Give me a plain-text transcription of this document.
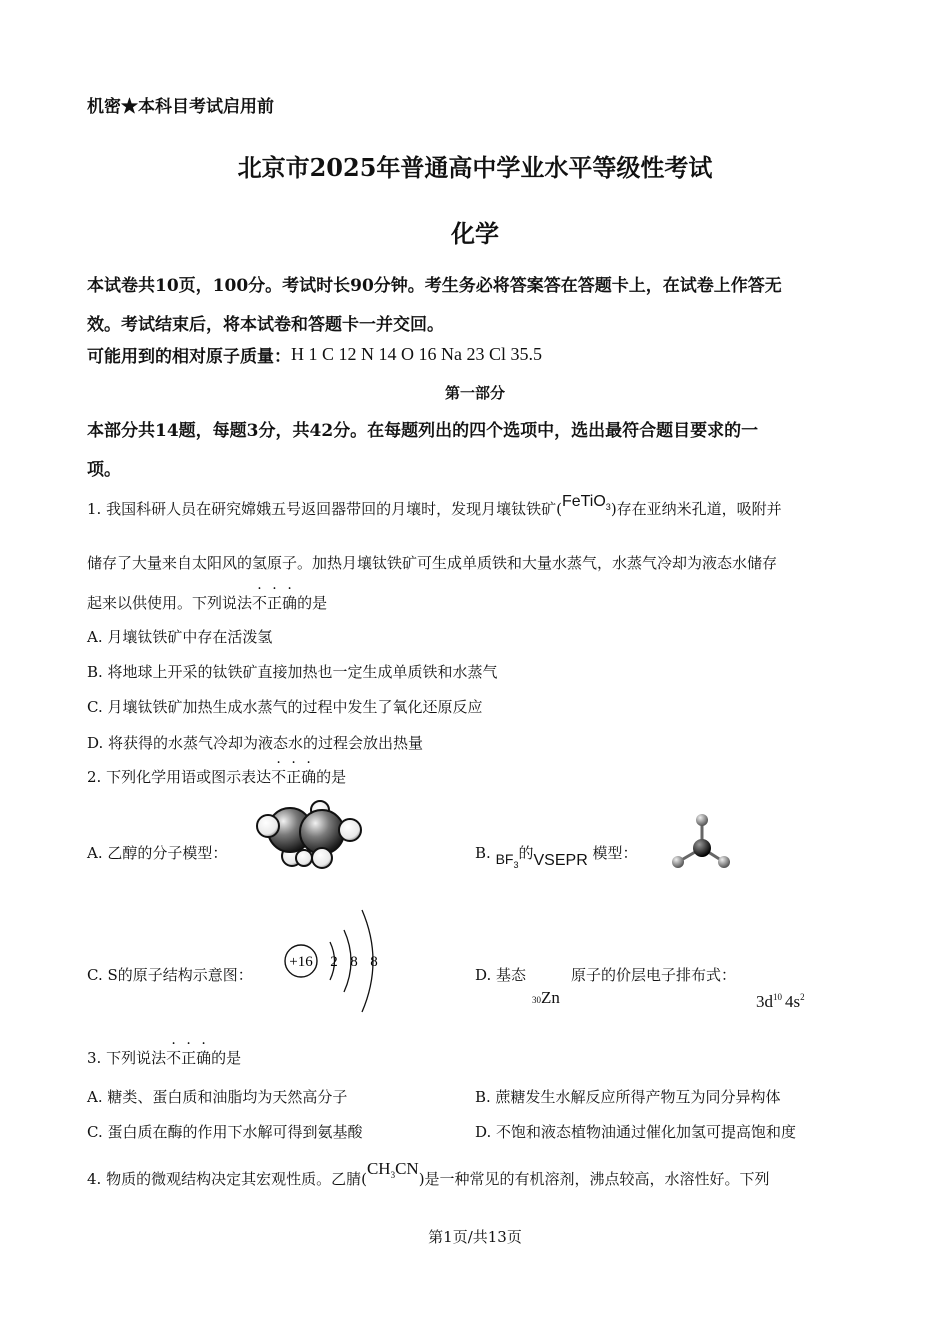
机密★本科目考试启用前
北京市2025年普通高中学业水平等级性考试
化学
本试卷共10页，100分。考试时长90分钟。考生务必将答案答在答题卡上，在试卷上作答无
效。考试结束后，将本试卷和答题卡一并交回。
可能用到的相对原子质量：H 1 C 12 N 14 O 16 Na 23 Cl 35.5
第一部分
本部分共14题，每题3分，共42分。在每题列出的四个选项中，选出最符合题目要求的一
项。
1. 我国科研人员在研究嫦娥五号返回器带回的月壤时，发现月壤钛铁矿(FeTiO$_3$)存在亚纳米孔道，吸附并
储存了大量来自太阳风的氢原子。加热月壤钛铁矿可生成单质铁和大量水蒸气，水蒸气冷却为液态水储存
起来以供使用。下列说法不正确的是
A. 月壤钛铁矿中存在活泼氢
B. 将地球上开采的钛铁矿直接加热也一定生成单质铁和水蒸气
C. 月壤钛铁矿加热生成水蒸气的过程中发生了氧化还原反应
D. 将获得的水蒸气冷却为液态水的过程会放出热量
2. 下列化学用语或图示表达不正确的是
A. 乙醇的分子模型：	B. $BF_3$的VSEPR 模型：
C. S的原子结构示意图：
+16 2 8 8
D. 基态	原子的价层电子排布式：
30Zn	$3d^{10}$ $4s^2$
3. 下列说法不正确的是
A. 糖类、蛋白质和油脂均为天然高分子	B. 蔗糖发生水解反应所得产物互为同分异构体
C. 蛋白质在酶的作用下水解可得到氨基酸	D. 不饱和液态植物油通过催化加氢可提高饱和度
4. 物质的微观结构决定其宏观性质。乙腈$(CH_3CN)$是一种常见的有机溶剂，沸点较高，水溶性好。下列
第1页/共13页
